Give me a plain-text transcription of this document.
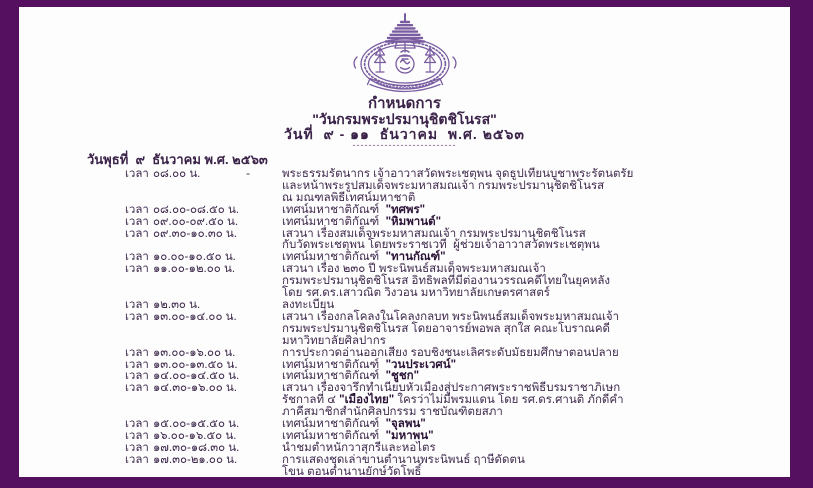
กำหนดการ
"วันกรมพระปรมานุชิตชิโนรส"
วันที่  ๙ - ๑๑  ธันวาคม  พ.ศ. ๒๕๖๓
--------------------------
วันพุธที่  ๙  ธันวาคม พ.ศ. ๒๕๖๓
เวลา ๐๘.๐๐ น.	-	พระธรรมรัตนากร เจ้าอาวาสวัดพระเชตุพน จุดธูปเทียนบูชาพระรัตนตรัย
และหน้าพระรูปสมเด็จพระมหาสมณเจ้า กรมพระปรมานุชิตชิโนรส
ณ มณฑลพิธีเทศน์มหาชาติ
เวลา ๐๘.๐๐-๐๘.๕๐ น.	เทศน์มหาชาติกัณฑ์  "ทศพร"
เวลา ๐๙.๐๐-๐๙.๕๐ น.	เทศน์มหาชาติกัณฑ์  "หิมพานต์"
เวลา ๐๙.๓๐-๑๐.๓๐ น.	เสวนา เรื่องสมเด็จพระมหาสมณเจ้า กรมพระปรมานุชิตชิโนรส
กับวัดพระเชตุพน โดยพระราชเวที  ผู้ช่วยเจ้าอาวาสวัดพระเชตุพน
เวลา ๑๐.๐๐-๑๐.๕๐ น.	เทศน์มหาชาติกัณฑ์  "ทานกัณฑ์"
เวลา ๑๑.๐๐-๑๒.๐๐ น.	เสวนา เรื่อง ๒๓๐ ปี พระนิพนธ์สมเด็จพระมหาสมณเจ้า
กรมพระปรมานุชิตชิโนรส อิทธิพลที่มีต่องานวรรณคดีไทยในยุคหลัง
โดย รศ.ดร.เสาวณิต วิงวอน มหาวิทยาลัยเกษตรศาสตร์
เวลา ๑๒.๓๐ น.	ลงทะเบียน
เวลา ๑๓.๐๐-๑๔.๐๐ น.	เสวนา เรื่องกลโคลงในโคลงกลบท พระนิพนธ์สมเด็จพระมหาสมณเจ้า
กรมพระปรมานุชิตชิโนรส โดยอาจารย์พอพล สุกใส คณะโบราณคดี
มหาวิทยาลัยศิลปากร
เวลา ๑๓.๐๐-๑๖.๐๐ น.	การประกวดอ่านออกเสียง รอบชิงชนะเลิศระดับมัธยมศึกษาตอนปลาย
เวลา ๑๓.๐๐-๑๓.๕๐ น.	เทศน์มหาชาติกัณฑ์  "วนประเวศน์"
เวลา ๑๔.๐๐-๑๔.๕๐ น.	เทศน์มหาชาติกัณฑ์  "ชูชก"
เวลา ๑๔.๓๐-๑๖.๐๐ น.	เสวนา เรื่องจารึกทำเนียบหัวเมืองสู่ประกาศพระราชพิธีบรมราชาภิเษก
รัชกาลที่ ๔ "เมืองไทย" ใครว่าไม่มีพรมแดน โดย รศ.ดร.ศานติ ภักดีคำ
ภาคีสมาชิกสำนักศิลปกรรม ราชบัณฑิตยสภา
เวลา ๑๕.๐๐-๑๕.๕๐ น.	เทศน์มหาชาติกัณฑ์  "จุลพน"
เวลา ๑๖.๐๐-๑๖.๕๐ น.	เทศน์มหาชาติกัณฑ์  "มหาพน"
เวลา ๑๗.๓๐-๑๘.๓๐ น.	นำชมตำหนักวาสุกรีและหอไตร
เวลา ๑๗.๓๐-๒๑.๐๐ น.	การแสดงชุดเล่าขานตำนานพระนิพนธ์ ฤาษีดัดตน
โขน ตอนตำนานยักษ์วัดโพธิ์
